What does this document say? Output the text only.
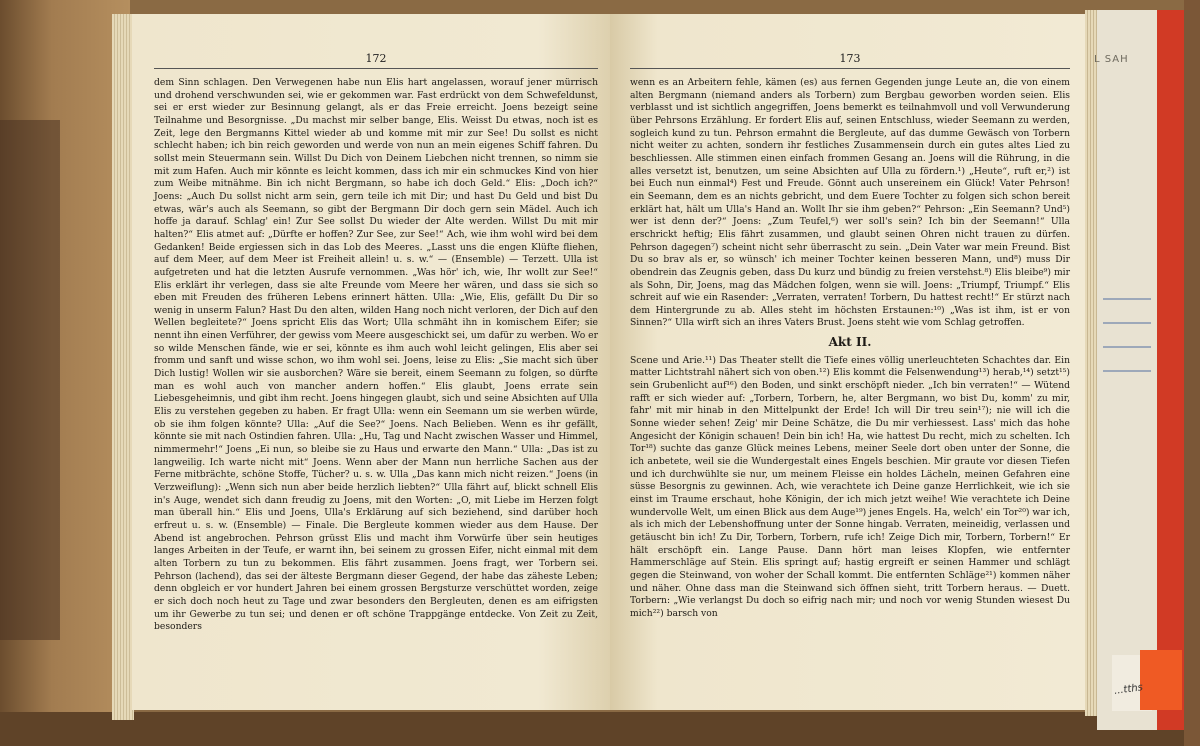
172

dem Sinn schlagen. Den Verwegenen habe nun Elis hart angelassen, worauf jener mürrisch und drohend verschwunden sei, wie er gekommen war. Fast erdrückt von dem Schwefeldunst, sei er erst wieder zur Besinnung gelangt, als er das Freie erreicht. Joens bezeigt seine Teilnahme und Besorgnisse. „Du machst mir selber bange, Elis. Weisst Du etwas, noch ist es Zeit, lege den Bergmanns Kittel wieder ab und komme mit mir zur See! Du sollst es nicht schlecht haben; ich bin reich geworden und werde von nun an mein eigenes Schiff fahren. Du sollst mein Steuermann sein. Willst Du Dich von Deinem Liebchen nicht trennen, so nimm sie mit zum Hafen. Auch mir könnte es leicht kommen, dass ich mir ein schmuckes Kind von hier zum Weibe mitnähme. Bin ich nicht Bergmann, so habe ich doch Geld.“ Elis: „Doch ich?“ Joens: „Auch Du sollst nicht arm sein, gern teile ich mit Dir; und hast Du Geld und bist Du etwas, wär's auch als Seemann, so gibt der Bergmann Dir doch gern sein Mädel. Auch ich hoffe ja darauf. Schlag' ein! Zur See sollst Du wieder der Alte werden. Willst Du mit mir halten?“ Elis atmet auf: „Dürfte er hoffen? Zur See, zur See!“ Ach, wie ihm wohl wird bei dem Gedanken! Beide ergiessen sich in das Lob des Meeres. „Lasst uns die engen Klüfte fliehen, auf dem Meer, auf dem Meer ist Freiheit allein! u. s. w.“ — (Ensemble) — Terzett. Ulla ist aufgetreten und hat die letzten Ausrufe vernommen. „Was hör' ich, wie, Ihr wollt zur See!“ Elis erklärt ihr verlegen, dass sie alte Freunde vom Meere her wären, und dass sie sich so eben mit Freuden des früheren Lebens erinnert hätten. Ulla: „Wie, Elis, gefällt Du Dir so wenig in unserm Falun? Hast Du den alten, wilden Hang noch nicht verloren, der Dich auf den Wellen begleitete?“ Joens spricht Elis das Wort; Ulla schmäht ihn in komischem Eifer; sie nennt ihn einen Verführer, der gewiss vom Meere ausgeschickt sei, um dafür zu werben. Wo er so wilde Menschen fände, wie er sei, könnte es ihm auch wohl leicht gelingen, Elis aber sei fromm und sanft und wisse schon, wo ihm wohl sei. Joens, leise zu Elis: „Sie macht sich über Dich lustig! Wollen wir sie ausborchen? Wäre sie bereit, einem Seemann zu folgen, so dürfte man es wohl auch von mancher andern hoffen.“ Elis glaubt, Joens errate sein Liebesgeheimnis, und gibt ihm recht. Joens hingegen glaubt, sich und seine Absichten auf Ulla Elis zu verstehen gegeben zu haben. Er fragt Ulla: wenn ein Seemann um sie werben würde, ob sie ihm folgen könnte? Ulla: „Auf die See?“ Joens. Nach Belieben. Wenn es ihr gefällt, könnte sie mit nach Ostindien fahren. Ulla: „Hu, Tag und Nacht zwischen Wasser und Himmel, nimmermehr!“ Joens „Ei nun, so bleibe sie zu Haus und erwarte den Mann.“ Ulla: „Das ist zu langweilig. Ich warte nicht mit“ Joens. Wenn aber der Mann nun herrliche Sachen aus der Ferne mitbrächte, schöne Stoffe, Tücher? u. s. w. Ulla „Das kann mich nicht reizen.“ Joens (in Verzweiflung): „Wenn sich nun aber beide herzlich liebten?“ Ulla fährt auf, blickt schnell Elis in's Auge, wendet sich dann freudig zu Joens, mit den Worten: „O, mit Liebe im Herzen folgt man überall hin.“ Elis und Joens, Ulla's Erklärung auf sich beziehend, sind darüber hoch erfreut u. s. w. (Ensemble) — Finale. Die Bergleute kommen wieder aus dem Hause. Der Abend ist angebrochen. Pehrson grüsst Elis und macht ihm Vorwürfe über sein heutiges langes Arbeiten in der Teufe, er warnt ihn, bei seinem zu grossen Eifer, nicht einmal mit dem alten Torbern zu tun zu bekommen. Elis fährt zusammen. Joens fragt, wer Torbern sei. Pehrson (lachend), das sei der älteste Bergmann dieser Gegend, der habe das zäheste Leben; denn obgleich er vor hundert Jahren bei einem grossen Bergsturze verschüttet worden, zeige er sich doch noch heut zu Tage und zwar besonders den Bergleuten, denen es am eifrigsten um ihr Gewerbe zu tun sei; und denen er oft schöne Trappgänge entdecke. Von Zeit zu Zeit, besonders

173

wenn es an Arbeitern fehle, kämen (es) aus fernen Gegenden junge Leute an, die von einem alten Bergmann (niemand anders als Torbern) zum Bergbau geworben worden seien. Elis verblasst und ist sichtlich angegriffen, Joens bemerkt es teilnahmvoll und voll Verwunderung über Pehrsons Erzählung. Er fordert Elis auf, seinen Entschluss, wieder Seemann zu werden, sogleich kund zu tun. Pehrson ermahnt die Bergleute, auf das dumme Gewäsch von Torbern nicht weiter zu achten, sondern ihr festliches Zusammensein durch ein gutes altes Lied zu beschliessen. Alle stimmen einen einfach frommen Gesang an. Joens will die Rührung, in die alles versetzt ist, benutzen, um seine Absichten auf Ulla zu fördern.¹) „Heute“, ruft er,²) ist bei Euch nun einmal⁴) Fest und Freude. Gönnt auch unsereinem ein Glück! Vater Pehrson! ein Seemann, dem es an nichts gebricht, und dem Euere Tochter zu folgen sich schon bereit erklärt hat, hält um Ulla's Hand an. Wollt Ihr sie ihm geben?“ Pehrson: „Ein Seemann? Und⁵) wer ist denn der?“ Joens: „Zum Teufel,⁶) wer soll's sein? Ich bin der Seemann!“ Ulla erschrickt heftig; Elis fährt zusammen, und glaubt seinen Ohren nicht trauen zu dürfen. Pehrson dagegen⁷) scheint nicht sehr überrascht zu sein. „Dein Vater war mein Freund. Bist Du so brav als er, so wünsch' ich meiner Tochter keinen besseren Mann, und⁸) muss Dir obendrein das Zeugnis geben, dass Du kurz und bündig zu freien verstehst.⁸) Elis bleibe⁹) mir als Sohn, Dir, Joens, mag das Mädchen folgen, wenn sie will. Joens: „Triumpf, Triumpf.“ Elis schreit auf wie ein Rasender: „Verraten, verraten! Torbern, Du hattest recht!“ Er stürzt nach dem Hintergrunde zu ab. Alles steht im höchsten Erstaunen:¹⁰) „Was ist ihm, ist er von Sinnen?“ Ulla wirft sich an ihres Vaters Brust. Joens steht wie vom Schlag getroffen.

Akt II.

Scene und Arie.¹¹) Das Theater stellt die Tiefe eines völlig unerleuchteten Schachtes dar. Ein matter Lichtstrahl nähert sich von oben.¹²) Elis kommt die Felsenwendung¹³) herab,¹⁴) setzt¹⁵) sein Grubenlicht auf¹⁶) den Boden, und sinkt erschöpft nieder. „Ich bin verraten!“ — Wütend rafft er sich wieder auf: „Torbern, Torbern, he, alter Bergmann, wo bist Du, komm' zu mir, fahr' mit mir hinab in den Mittelpunkt der Erde! Ich will Dir treu sein¹⁷); nie will ich die Sonne wieder sehen! Zeig' mir Deine Schätze, die Du mir verhiessest. Lass' mich das hohe Angesicht der Königin schauen! Dein bin ich! Ha, wie hattest Du recht, mich zu schelten. Ich Tor¹⁸) suchte das ganze Glück meines Lebens, meiner Seele dort oben unter der Sonne, die ich anbetete, weil sie die Wundergestalt eines Engels beschien. Mir graute vor diesen Tiefen und ich durchwühlte sie nur, um meinem Fleisse ein holdes Lächeln, meinen Gefahren eine süsse Besorgnis zu gewinnen. Ach, wie verachtete ich Deine ganze Herrlichkeit, wie ich sie einst im Traume erschaut, hohe Königin, der ich mich jetzt weihe! Wie verachtete ich Deine wundervolle Welt, um einen Blick aus dem Auge¹⁹) jenes Engels. Ha, welch' ein Tor²⁰) war ich, als ich mich der Lebenshoffnung unter der Sonne hingab. Verraten, meineidig, verlassen und getäuscht bin ich! Zu Dir, Torbern, Torbern, rufe ich! Zeige Dich mir, Torbern, Torbern!“ Er hält erschöpft ein. Lange Pause. Dann hört man leises Klopfen, wie entfernter Hammerschläge auf Stein. Elis springt auf; hastig ergreift er seinen Hammer und schlägt gegen die Steinwand, von woher der Schall kommt. Die entfernten Schläge²¹) kommen näher und näher. Ohne dass man die Steinwand sich öffnen sieht, tritt Torbern heraus. — Duett. Torbern: „Wie verlangst Du doch so eifrig nach mir; und noch vor wenig Stunden wiesest Du mich²²) barsch von

L SAH
...tths
